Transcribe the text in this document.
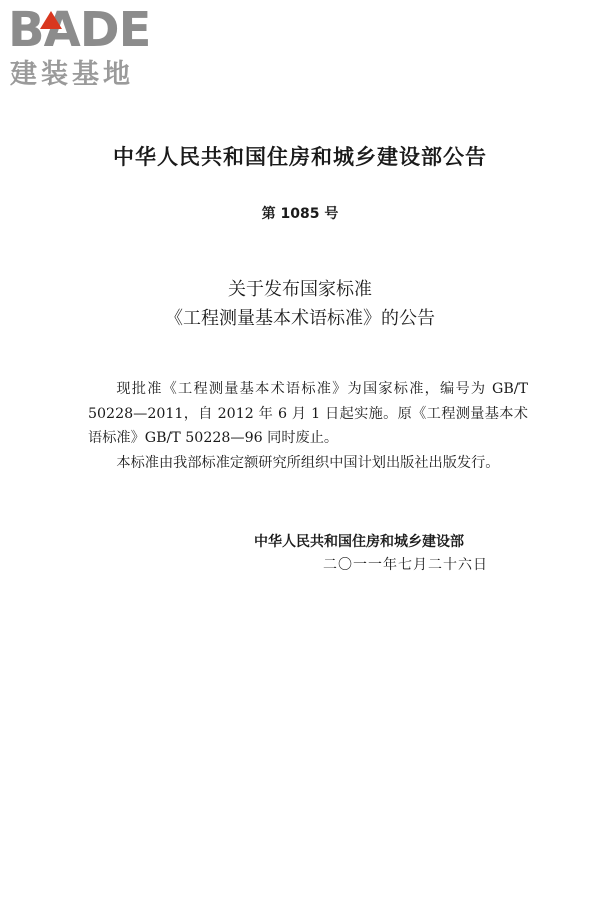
BADE
建装基地
中华人民共和国住房和城乡建设部公告
第 1085 号
关于发布国家标准
《工程测量基本术语标准》的公告

现批准《工程测量基本术语标准》为国家标准，编号为 GB/T 50228—2011，自 2012 年 6 月 1 日起实施。原《工程测量基本术语标准》GB/T 50228—96 同时废止。

本标准由我部标准定额研究所组织中国计划出版社出版发行。

中华人民共和国住房和城乡建设部
二〇一一年七月二十六日
